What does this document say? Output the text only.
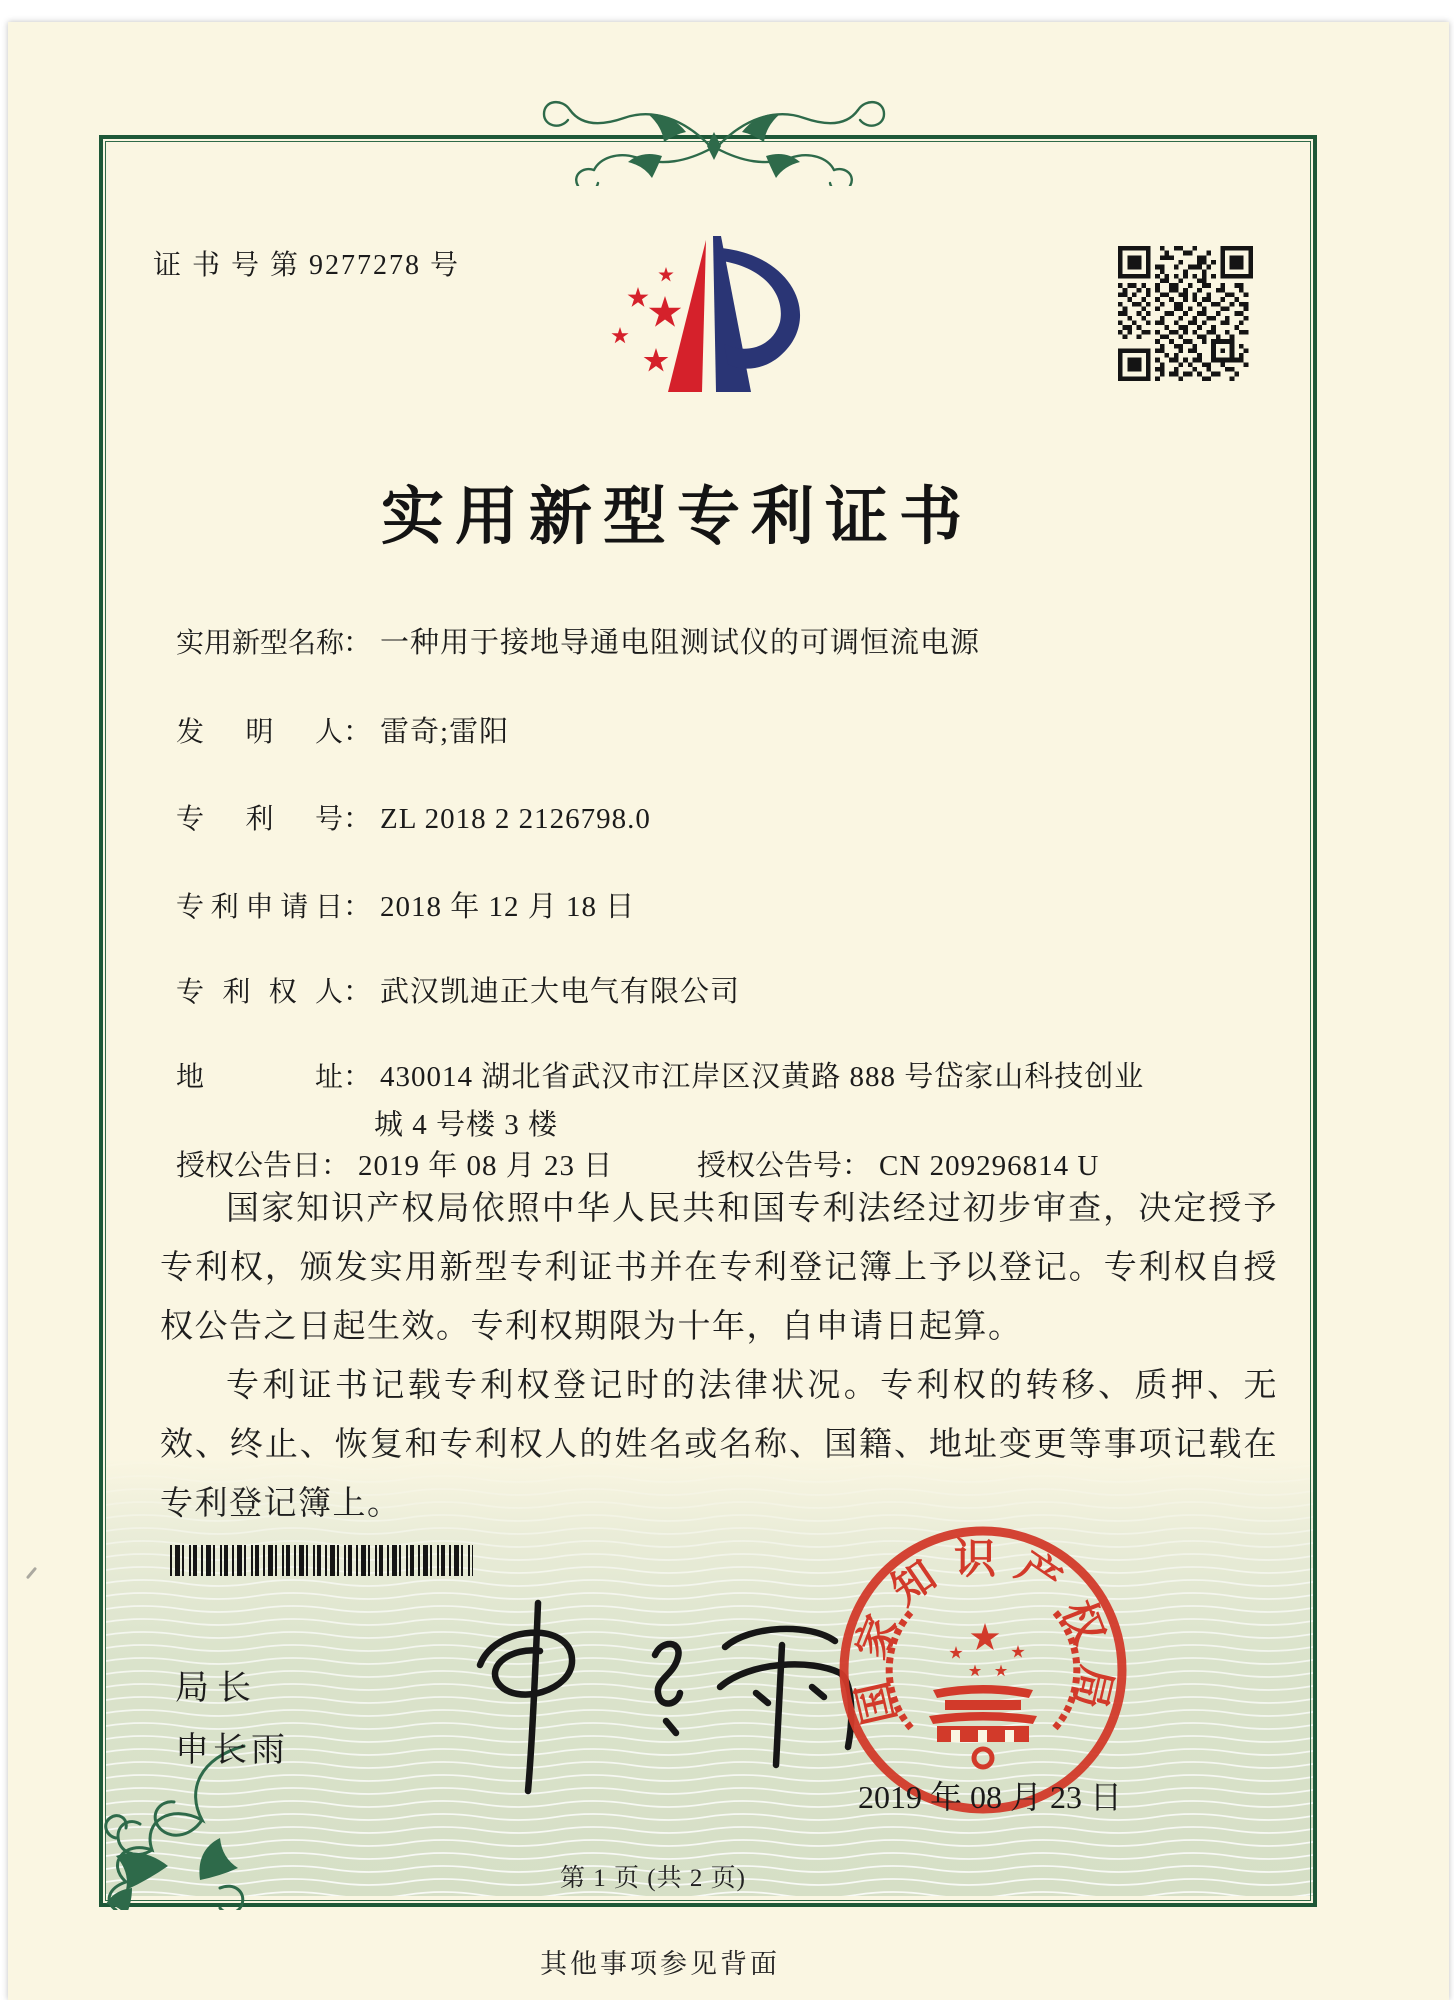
证 书 号 第 9277278 号
实用新型专利证书
实用新型名称： 一种用于接地导通电阻测试仪的可调恒流电源
发明人： 雷奇;雷阳
专利号： ZL 2018 2 2126798.0
专利申请日： 2018 年 12 月 18 日
专利权人： 武汉凯迪正大电气有限公司
地址： 430014 湖北省武汉市江岸区汉黄路 888 号岱家山科技创业
城 4 号楼 3 楼
授权公告日： 2019 年 08 月 23 日	授权公告号： CN 209296814 U

国家知识产权局依照中华人民共和国专利法经过初步审查，决定授予专利权，颁发实用新型专利证书并在专利登记簿上予以登记。专利权自授权公告之日起生效。专利权期限为十年，自申请日起算。

专利证书记载专利权登记时的法律状况。专利权的转移、质押、无效、终止、恢复和专利权人的姓名或名称、国籍、地址变更等事项记载在专利登记簿上。

局长
申长雨
国家知识产权局
2019 年 08 月 23 日
第 1 页 (共 2 页)
其他事项参见背面
